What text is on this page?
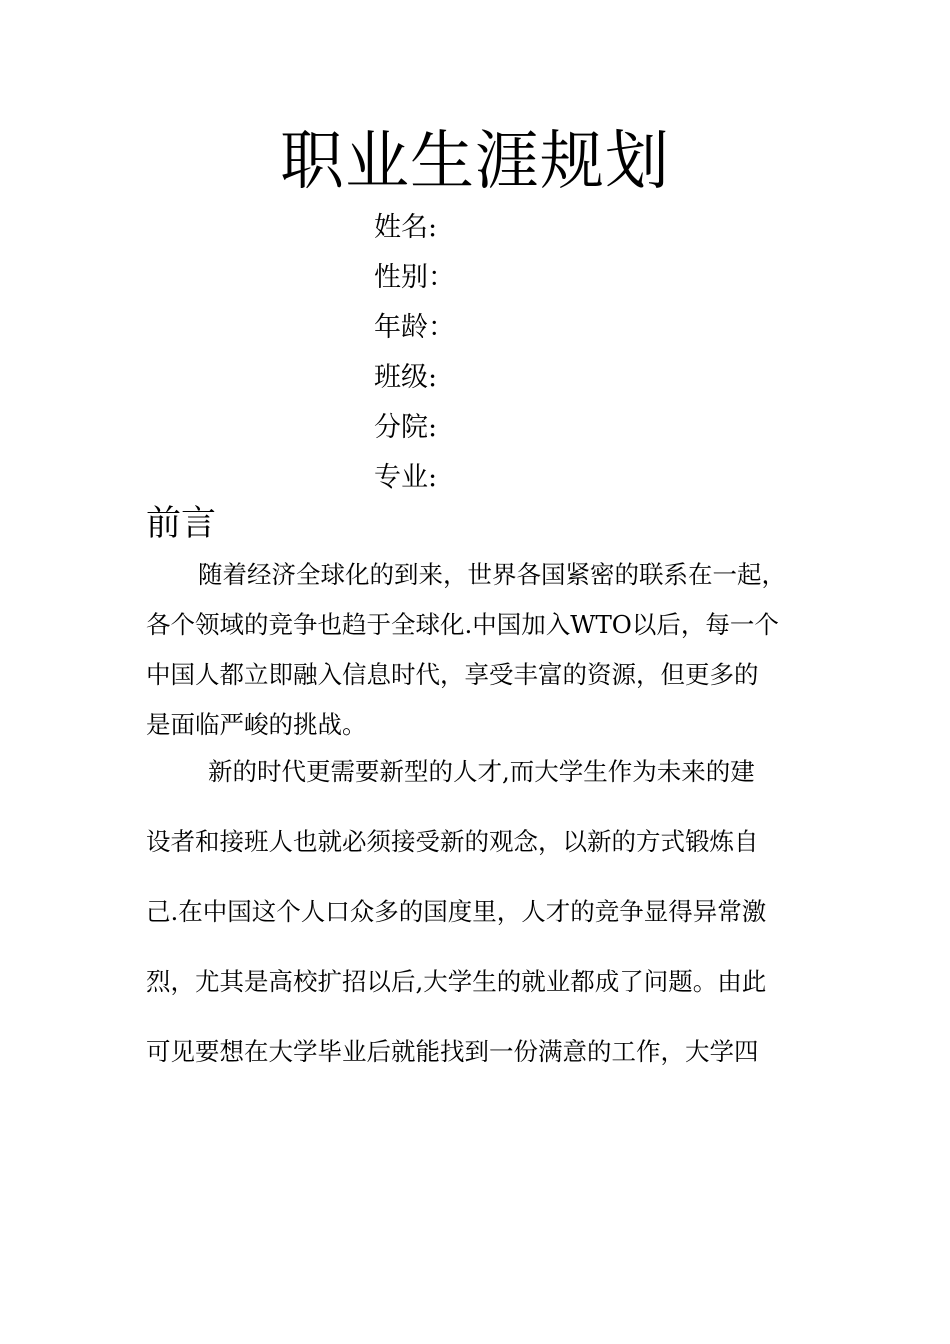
职业生涯规划
姓名:
性别：
年龄：
班级:
分院:
专业:
前言
随着经济全球化的到来，世界各国紧密的联系在一起，
各个领域的竞争也趋于全球化.中国加入WTO以后，每一个
中国人都立即融入信息时代，享受丰富的资源，但更多的
是面临严峻的挑战。
新的时代更需要新型的人才,而大学生作为未来的建
设者和接班人也就必须接受新的观念，以新的方式锻炼自
己.在中国这个人口众多的国度里，人才的竞争显得异常激
烈，尤其是高校扩招以后,大学生的就业都成了问题。由此
可见要想在大学毕业后就能找到一份满意的工作，大学四
